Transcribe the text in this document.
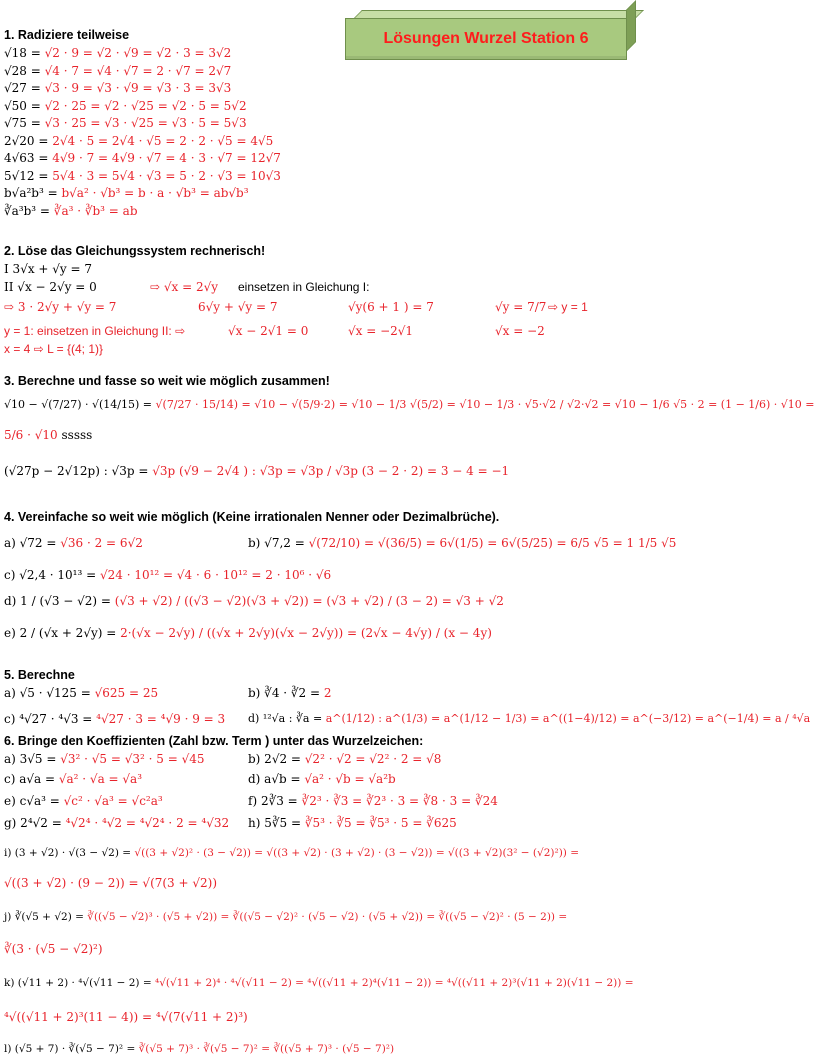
Lösungen Wurzel Station 6
1. Radiziere teilweise
√18 = √2 · 9 = √2 · √9 = √2 · 3 = 3√2
√28 = √4 · 7 = √4 · √7 = 2 · √7 = 2√7
√27 = √3 · 9 = √3 · √9 = √3 · 3 = 3√3
√50 = √2 · 25 = √2 · √25 = √2 · 5 = 5√2
√75 = √3 · 25 = √3 · √25 = √3 · 5 = 5√3
2√20 = 2√4 · 5 = 2√4 · √5 = 2 · 2 · √5 = 4√5
4√63 = 4√9 · 7 = 4√9 · √7 = 4 · 3 · √7 = 12√7
5√12 = 5√4 · 3 = 5√4 · √3 = 5 · 2 · √3 = 10√3
b√a²b³ = b√a² · √b³ = b · a · √b³ = ab√b³
∛a³b³ = ∛a³ · ∛b³ = ab
2. Löse das Gleichungssystem rechnerisch!
I 3√x + √y = 7
II √x − 2√y = 0	⇨ √x = 2√y einsetzen in Gleichung I:
⇨ 3 · 2√y + √y = 7	6√y + √y = 7	√y(6 + 1 ) = 7	√y = 7/7 ⇨ y = 1
y = 1: einsetzen in Gleichung II: ⇨	√x − 2√1 = 0	√x = −2√1	√x = −2
x = 4 ⇨ L = {(4; 1)}
3. Berechne und fasse so weit wie möglich zusammen!
√10 − √(7/27) · √(14/15) = √(7/27 · 15/14) = √10 − √(5/9·2) = √10 − 1/3 √(5/2) = √10 − 1/3 · √5·√2 / √2·√2 = √10 − 1/6 √5 · 2 = (1 − 1/6) · √10 =
5/6 · √10 sssss
(√27p − 2√12p) : √3p = √3p (√9 − 2√4 ) : √3p = √3p / √3p (3 − 2 · 2) = 3 − 4 = −1
4. Vereinfache so weit wie möglich (Keine irrationalen Nenner oder Dezimalbrüche).
a) √72 = √36 · 2 = 6√2	b) √7,2 = √(72/10) = √(36/5) = 6√(1/5) = 6√(5/25) = 6/5 √5 = 1 1/5 √5
c) √2,4 · 10¹³ = √24 · 10¹² = √4 · 6 · 10¹² = 2 · 10⁶ · √6
d) 1 / (√3 − √2) = (√3 + √2) / ((√3 − √2)(√3 + √2)) = (√3 + √2) / (3 − 2) = √3 + √2
e) 2 / (√x + 2√y) = 2·(√x − 2√y) / ((√x + 2√y)(√x − 2√y)) = (2√x − 4√y) / (x − 4y)
5. Berechne
a) √5 · √125 = √625 = 25	b) ∛4 · ∛2 = 2
c) ⁴√27 · ⁴√3 = ⁴√27 · 3 = ⁴√9 · 9 = 3 d) ¹²√a : ∛a = a^(1/12) : a^(1/3) = a^(1/12 − 1/3) = a^((1−4)/12) = a^(−3/12) = a^(−1/4) = a / ⁴√a
6. Bringe den Koeffizienten (Zahl bzw. Term ) unter das Wurzelzeichen:
a) 3√5 = √3² · √5 = √3² · 5 = √45	b) 2√2 = √2² · √2 = √2² · 2 = √8
c) a√a = √a² · √a = √a³	d) a√b = √a² · √b = √a²b
e) c√a³ = √c² · √a³ = √c²a³	f) 2∛3 = ∛2³ · ∛3 = ∛2³ · 3 = ∛8 · 3 = ∛24
g) 2⁴√2 = ⁴√2⁴ · ⁴√2 = ⁴√2⁴ · 2 = ⁴√32 h) 5∛5 = ∛5³ · ∛5 = ∛5³ · 5 = ∛625
i) (3 + √2) · √(3 − √2) = √((3 + √2)² · (3 − √2)) = √((3 + √2) · (3 + √2) · (3 − √2)) = √((3 + √2)(3² − (√2)²)) =
√((3 + √2) · (9 − 2)) = √(7(3 + √2))
j) ∛(√5 + √2) = ∛((√5 − √2)³ · (√5 + √2)) = ∛((√5 − √2)² · (√5 − √2) · (√5 + √2)) = ∛((√5 − √2)² · (5 − 2)) =
∛(3 · (√5 − √2)²)
k) (√11 + 2) · ⁴√(√11 − 2) = ⁴√(√11 + 2)⁴ · ⁴√(√11 − 2) = ⁴√((√11 + 2)⁴(√11 − 2)) = ⁴√((√11 + 2)³(√11 + 2)(√11 − 2)) =
⁴√((√11 + 2)³(11 − 4)) = ⁴√(7(√11 + 2)³)
l) (√5 + 7) · ∛(√5 − 7)² = ∛(√5 + 7)³ · ∛(√5 − 7)² = ∛((√5 + 7)³ · (√5 − 7)²)
